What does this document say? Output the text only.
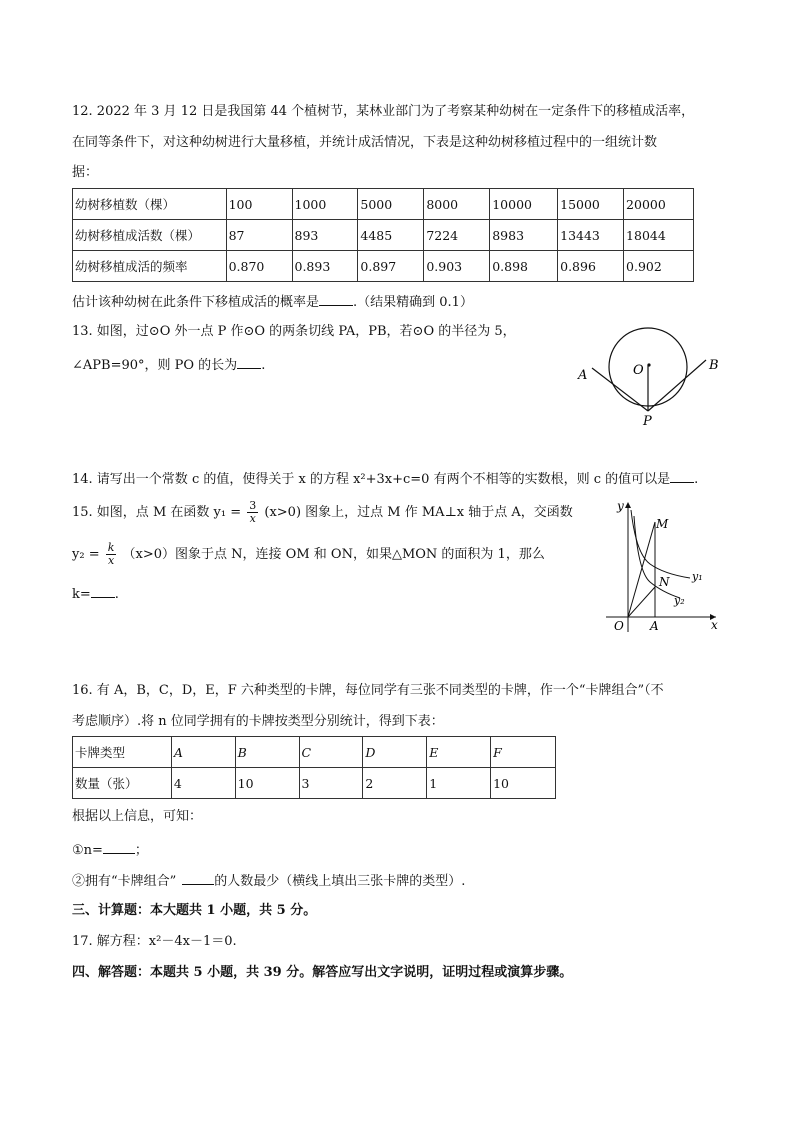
12. 2022 年 3 月 12 日是我国第 44 个植树节，某林业部门为了考察某种幼树在一定条件下的移植成活率，
在同等条件下，对这种幼树进行大量移植，并统计成活情况，下表是这种幼树移植过程中的一组统计数
据：
幼树移植数（棵）	100	1000	5000	8000	10000	15000	20000
幼树移植成活数（棵）	87	893	4485	7224	8983	13443	18044
幼树移植成活的频率	0.870	0.893	0.897	0.903	0.898	0.896	0.902
估计该种幼树在此条件下移植成活的概率是	.（结果精确到 0.1）
13. 如图，过⊙O 外一点 P 作⊙O 的两条切线 PA，PB，若⊙O 的半径为 5，
∠APB=90°，则 PO 的长为 .
A
B
O
P
14. 请写出一个常数 c 的值，使得关于 x 的方程 x²+3x+c=0 有两个不相等的实数根，则 c 的值可以是 .
15. 如图，点 M 在函数 $y_1 = \frac{3}{x} (x>0)$ 图象上，过点 M 作 MA⊥x 轴于点 A，交函数
$y_2 = \frac{k}{x} (x>0)$图象于点 N，连接 OM 和 ON，如果△MON 的面积为 1，那么
k= .
y
x
O A
M
N y₁
y₂
16. 有 A，B，C，D，E，F 六种类型的卡牌，每位同学有三张不同类型的卡牌，作一个“卡牌组合”（不
考虑顺序）.将 n 位同学拥有的卡牌按类型分别统计，得到下表：
卡牌类型	A	B	C	D	E	F
数量（张）	4	10	3	2	1	10
根据以上信息，可知：
①n= ；
②拥有“卡牌组合”	的人数最少（横线上填出三张卡牌的类型）.
三、计算题：本大题共 1 小题，共 5 分。
17. 解方程：x²－4x－1＝0.
四、解答题：本题共 5 小题，共 39 分。解答应写出文字说明，证明过程或演算步骤。
